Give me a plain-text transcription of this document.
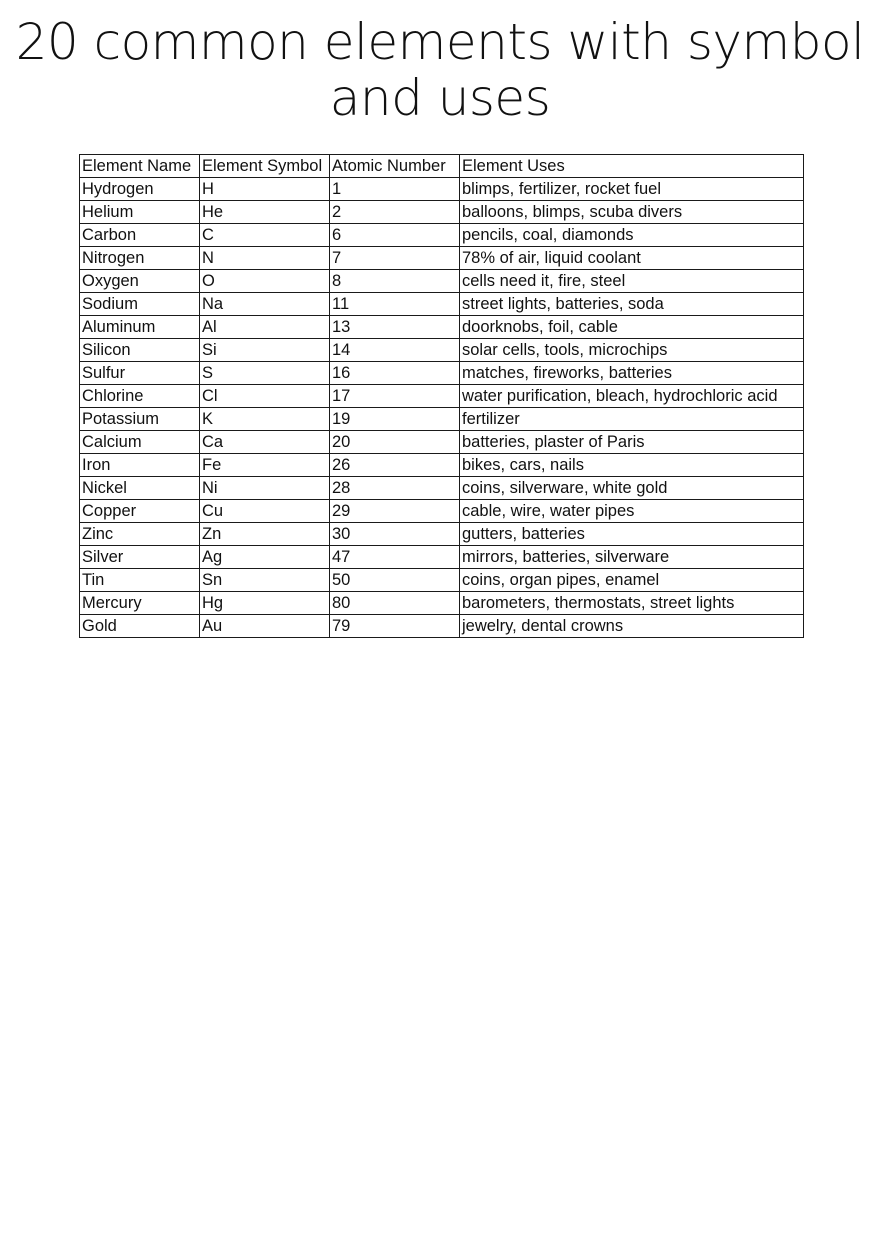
20 common elements with symbol and uses
Element Name	Element Symbol	Atomic Number	Element Uses
Hydrogen	H	1	blimps, fertilizer, rocket fuel
Helium	He	2	balloons, blimps, scuba divers
Carbon	C	6	pencils, coal, diamonds
Nitrogen	N	7	78% of air, liquid coolant
Oxygen	O	8	cells need it, fire, steel
Sodium	Na	11	street lights, batteries, soda
Aluminum	Al	13	doorknobs, foil, cable
Silicon	Si	14	solar cells, tools, microchips
Sulfur	S	16	matches, fireworks, batteries
Chlorine	Cl	17	water purification, bleach, hydrochloric acid
Potassium	K	19	fertilizer
Calcium	Ca	20	batteries, plaster of Paris
Iron	Fe	26	bikes, cars, nails
Nickel	Ni	28	coins, silverware, white gold
Copper	Cu	29	cable, wire, water pipes
Zinc	Zn	30	gutters, batteries
Silver	Ag	47	mirrors, batteries, silverware
Tin	Sn	50	coins, organ pipes, enamel
Mercury	Hg	80	barometers, thermostats, street lights
Gold	Au	79	jewelry, dental crowns
